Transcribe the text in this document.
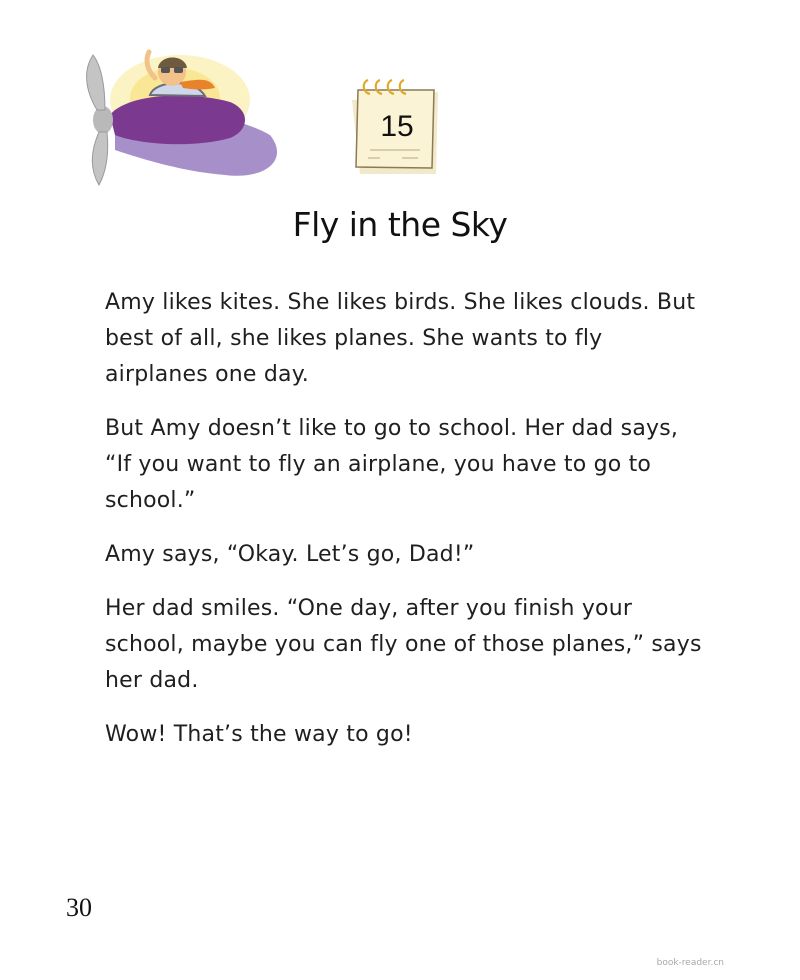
15
Fly in the Sky

Amy likes kites. She likes birds. She likes clouds. But best of all, she likes planes. She wants to fly airplanes one day.

But Amy doesn’t like to go to school. Her dad says, “If you want to fly an airplane, you have to go to school.”

Amy says, “Okay. Let’s go, Dad!”

Her dad smiles. “One day, after you finish your school, maybe you can fly one of those planes,” says her dad.

Wow! That’s the way to go!

30
book-reader.cn
